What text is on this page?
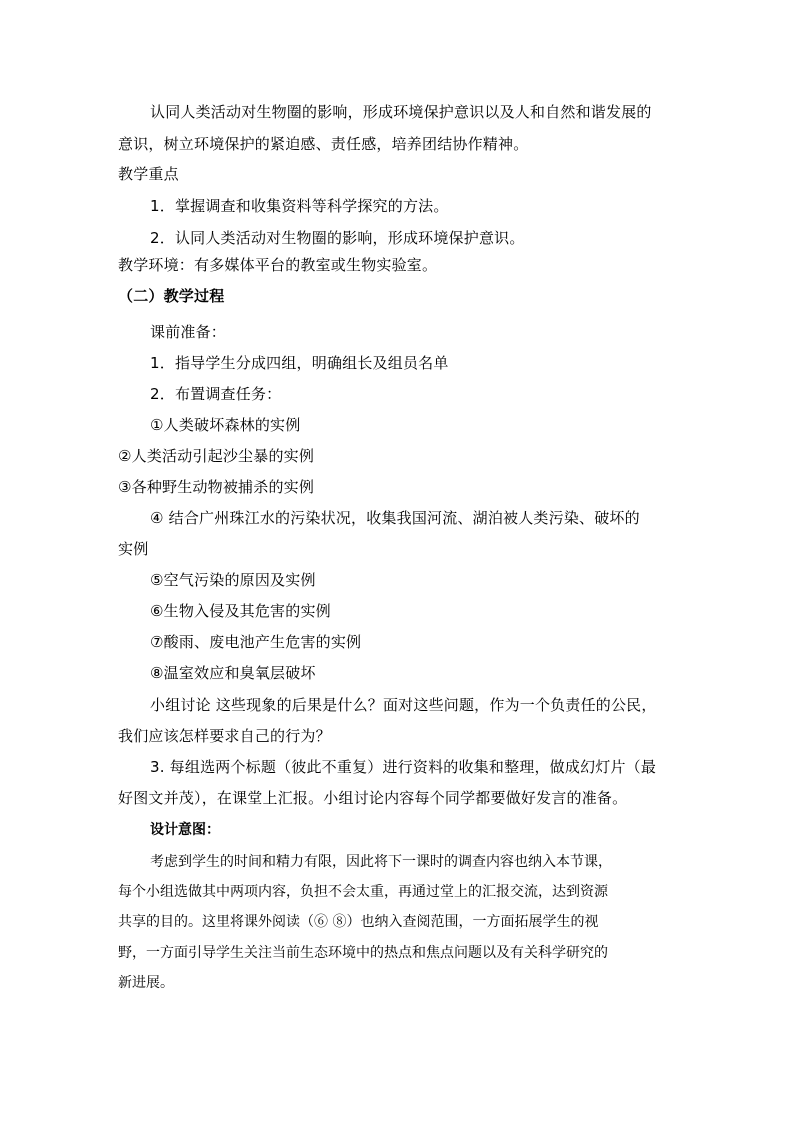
认同人类活动对生物圈的影响，形成环境保护意识以及人和自然和谐发展的
意识，树立环境保护的紧迫感、责任感，培养团结协作精神。
教学重点
1．掌握调查和收集资料等科学探究的方法。
2．认同人类活动对生物圈的影响，形成环境保护意识。
教学环境：有多媒体平台的教室或生物实验室。
（二）教学过程
课前准备：
1．指导学生分成四组，明确组长及组员名单
2．布置调查任务：
①人类破坏森林的实例
②人类活动引起沙尘暴的实例
③各种野生动物被捕杀的实例
④ 结合广州珠江水的污染状况，收集我国河流、湖泊被人类污染、破坏的
实例
⑤空气污染的原因及实例
⑥生物入侵及其危害的实例
⑦酸雨、废电池产生危害的实例
⑧温室效应和臭氧层破坏
小组讨论 这些现象的后果是什么？面对这些问题，作为一个负责任的公民，
我们应该怎样要求自己的行为？
3. 每组选两个标题（彼此不重复）进行资料的收集和整理，做成幻灯片（最
好图文并茂），在课堂上汇报。小组讨论内容每个同学都要做好发言的准备。
设计意图：
考虑到学生的时间和精力有限，因此将下一课时的调查内容也纳入本节课，
每个小组选做其中两项内容，负担不会太重，再通过堂上的汇报交流，达到资源
共享的目的。这里将课外阅读（⑥ ⑧）也纳入查阅范围，一方面拓展学生的视
野，一方面引导学生关注当前生态环境中的热点和焦点问题以及有关科学研究的
新进展。
